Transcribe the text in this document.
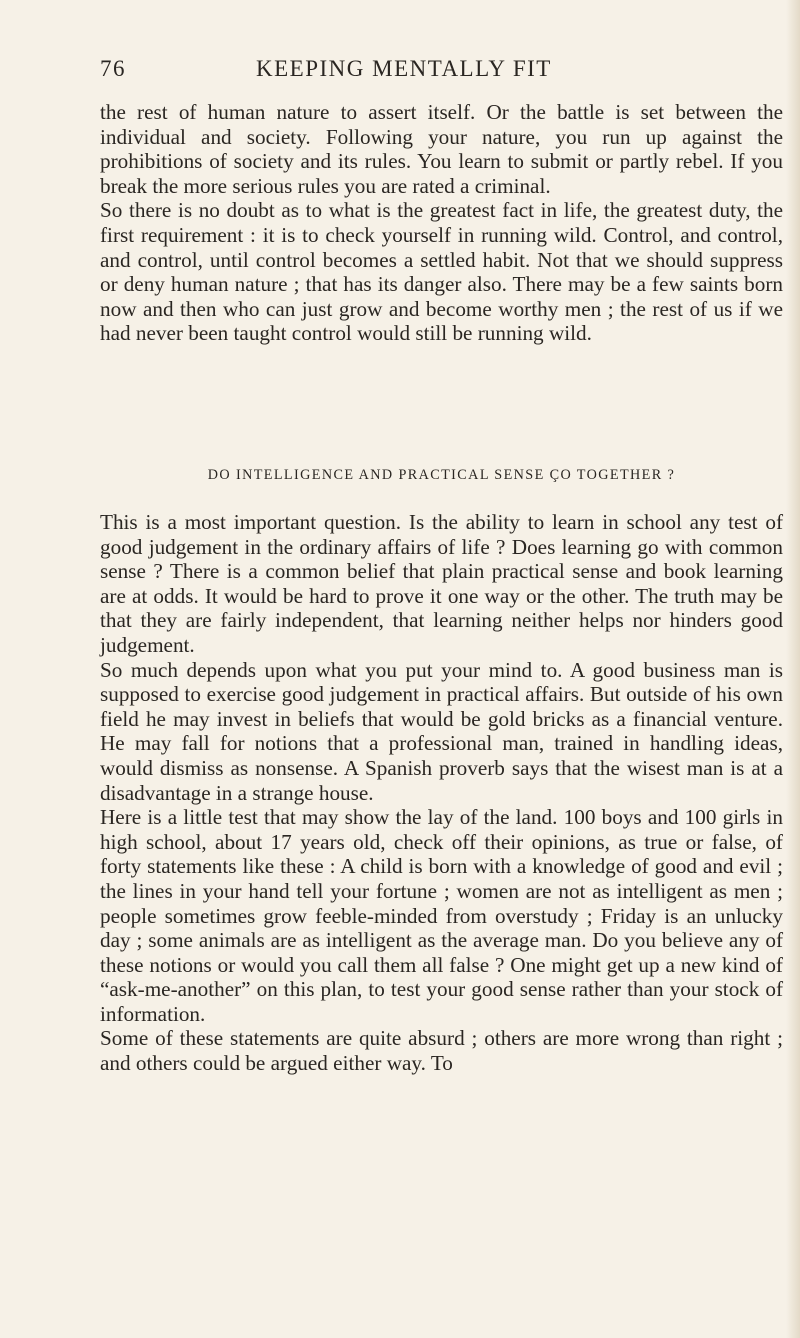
76	KEEPING MENTALLY FIT

the rest of human nature to assert itself. Or the battle is set between the individual and society. Following your nature, you run up against the prohibitions of society and its rules. You learn to submit or partly rebel. If you break the more serious rules you are rated a criminal.

So there is no doubt as to what is the greatest fact in life, the greatest duty, the first requirement : it is to check yourself in running wild. Control, and control, and control, until control becomes a settled habit. Not that we should suppress or deny human nature ; that has its danger also. There may be a few saints born now and then who can just grow and become worthy men ; the rest of us if we had never been taught control would still be running wild.

DO INTELLIGENCE AND PRACTICAL SENSE ÇO TOGETHER ?

This is a most important question. Is the ability to learn in school any test of good judgement in the ordinary affairs of life ? Does learning go with common sense ? There is a common belief that plain practical sense and book learning are at odds. It would be hard to prove it one way or the other. The truth may be that they are fairly independent, that learning neither helps nor hinders good judgement.

So much depends upon what you put your mind to. A good business man is supposed to exercise good judgement in practical affairs. But outside of his own field he may invest in beliefs that would be gold bricks as a financial venture. He may fall for notions that a professional man, trained in handling ideas, would dismiss as nonsense. A Spanish proverb says that the wisest man is at a disadvantage in a strange house.

Here is a little test that may show the lay of the land. 100 boys and 100 girls in high school, about 17 years old, check off their opinions, as true or false, of forty statements like these : A child is born with a knowledge of good and evil ; the lines in your hand tell your fortune ; women are not as intelligent as men ; people sometimes grow feeble-minded from overstudy ; Friday is an unlucky day ; some animals are as intelligent as the average man. Do you believe any of these notions or would you call them all false ? One might get up a new kind of “ask-me-another” on this plan, to test your good sense rather than your stock of information.

Some of these statements are quite absurd ; others are more wrong than right ; and others could be argued either way. To
